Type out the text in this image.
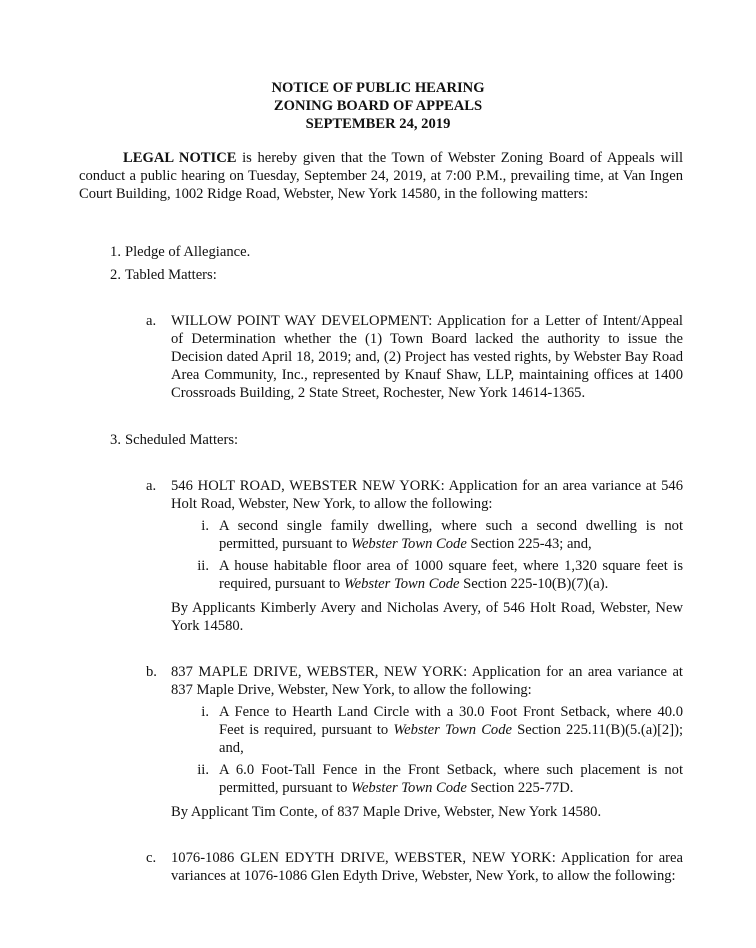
NOTICE OF PUBLIC HEARING
ZONING BOARD OF APPEALS
SEPTEMBER 24, 2019
LEGAL NOTICE is hereby given that the Town of Webster Zoning Board of Appeals will conduct a public hearing on Tuesday, September 24, 2019, at 7:00 P.M., prevailing time, at Van Ingen Court Building, 1002 Ridge Road, Webster, New York 14580, in the following matters:
1. Pledge of Allegiance.
2. Tabled Matters:
a.	WILLOW POINT WAY DEVELOPMENT: Application for a Letter of Intent/Appeal of Determination whether the (1) Town Board lacked the authority to issue the Decision dated April 18, 2019; and, (2) Project has vested rights, by Webster Bay Road Area Community, Inc., represented by Knauf Shaw, LLP, maintaining offices at 1400 Crossroads Building, 2 State Street, Rochester, New York 14614-1365.
3. Scheduled Matters:
a.	546 HOLT ROAD, WEBSTER NEW YORK: Application for an area variance at 546 Holt Road, Webster, New York, to allow the following:
i. A second single family dwelling, where such a second dwelling is not permitted, pursuant to Webster Town Code Section 225-43; and,
ii. A house habitable floor area of 1000 square feet, where 1,320 square feet is required, pursuant to Webster Town Code Section 225-10(B)(7)(a).
By Applicants Kimberly Avery and Nicholas Avery, of 546 Holt Road, Webster, New York 14580.
b. 837 MAPLE DRIVE, WEBSTER, NEW YORK: Application for an area variance at 837 Maple Drive, Webster, New York, to allow the following:
i. A Fence to Hearth Land Circle with a 30.0 Foot Front Setback, where 40.0 Feet is required, pursuant to Webster Town Code Section 225.11(B)(5.(a)[2]); and,
ii. A 6.0 Foot-Tall Fence in the Front Setback, where such placement is not permitted, pursuant to Webster Town Code Section 225-77D.
By Applicant Tim Conte, of 837 Maple Drive, Webster, New York 14580.
c.	1076-1086 GLEN EDYTH DRIVE, WEBSTER, NEW YORK: Application for area variances at 1076-1086 Glen Edyth Drive, Webster, New York, to allow the following:
